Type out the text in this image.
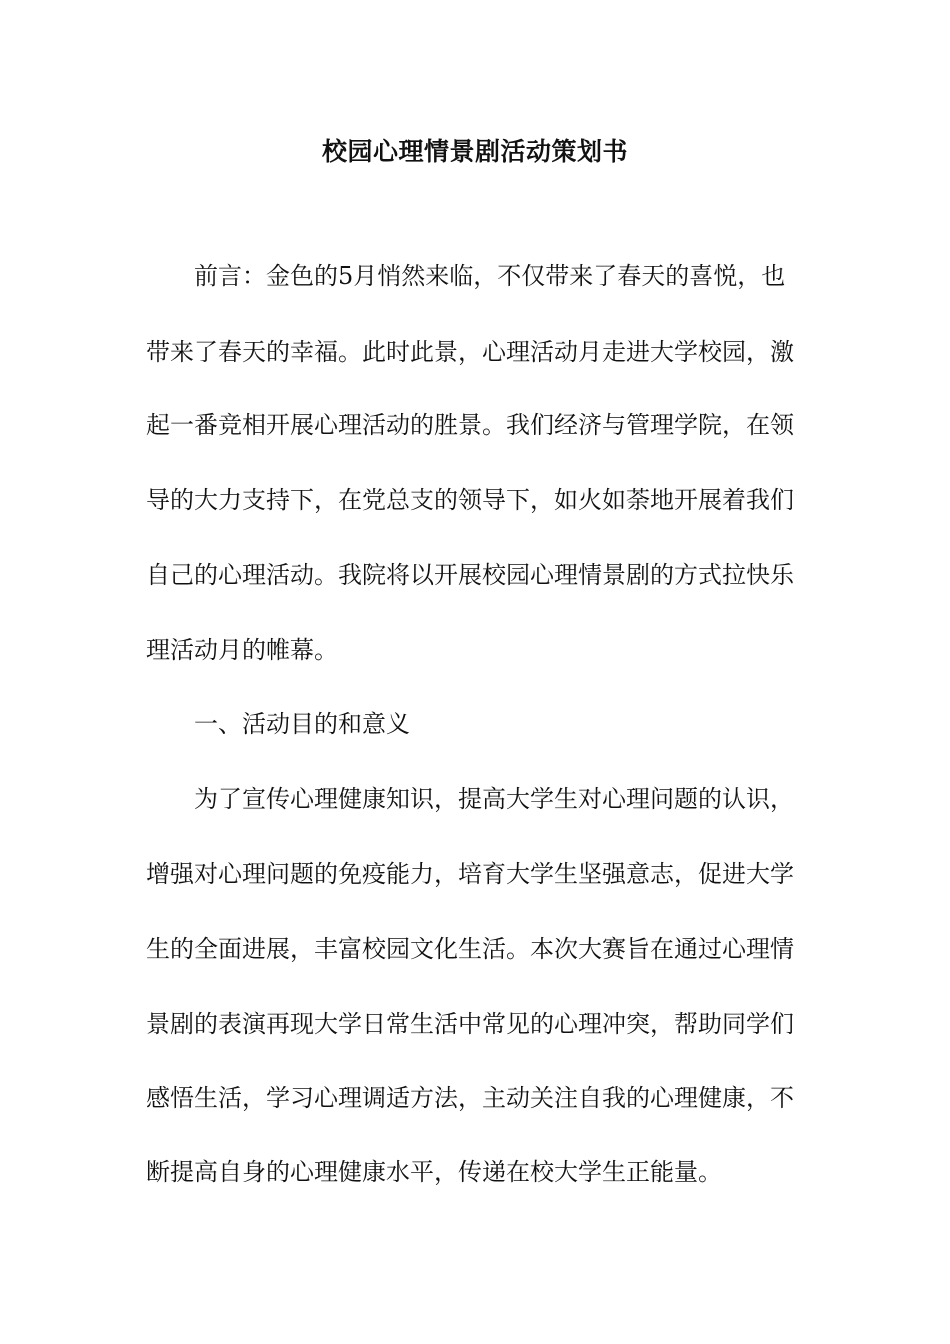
校园心理情景剧活动策划书
前言：金色的5月悄然来临，不仅带来了春天的喜悦，也
带来了春天的幸福。此时此景，心理活动月走进大学校园，激
起一番竞相开展心理活动的胜景。我们经济与管理学院，在领
导的大力支持下，在党总支的领导下，如火如荼地开展着我们
自己的心理活动。我院将以开展校园心理情景剧的方式拉快乐
理活动月的帷幕。
一、活动目的和意义
为了宣传心理健康知识，提高大学生对心理问题的认识，
增强对心理问题的免疫能力，培育大学生坚强意志，促进大学
生的全面进展，丰富校园文化生活。本次大赛旨在通过心理情
景剧的表演再现大学日常生活中常见的心理冲突，帮助同学们
感悟生活，学习心理调适方法，主动关注自我的心理健康，不
断提高自身的心理健康水平，传递在校大学生正能量。
